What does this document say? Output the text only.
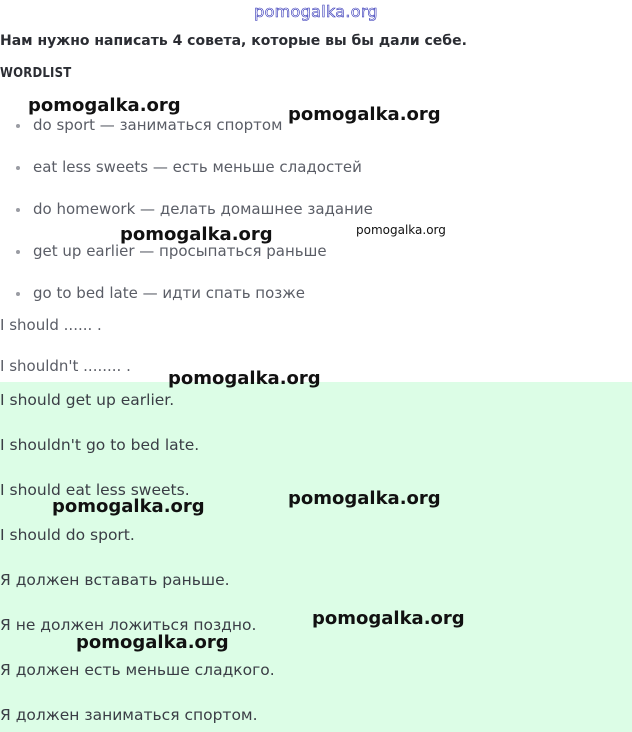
pomogalka.org
Нам нужно написать 4 совета, которые вы бы дали себе.
WORDLIST
do sport — заниматься спортом
eat less sweets — есть меньше сладостей
do homework — делать домашнее задание
get up earlier — просыпаться раньше
go to bed late — идти спать позже
I should ...... .
I shouldn't ........ .
I should get up earlier.
I shouldn't go to bed late.
I should eat less sweets.
I should do sport.
Я должен вставать раньше.
Я не должен ложиться поздно.
Я должен есть меньше сладкого.
Я должен заниматься спортом.
pomogalka.org	pomogalka.org
pomogalka.org	pomogalka.org
pomogalka.org
pomogalka.org
pomogalka.org
pomogalka.org
pomogalka.org
